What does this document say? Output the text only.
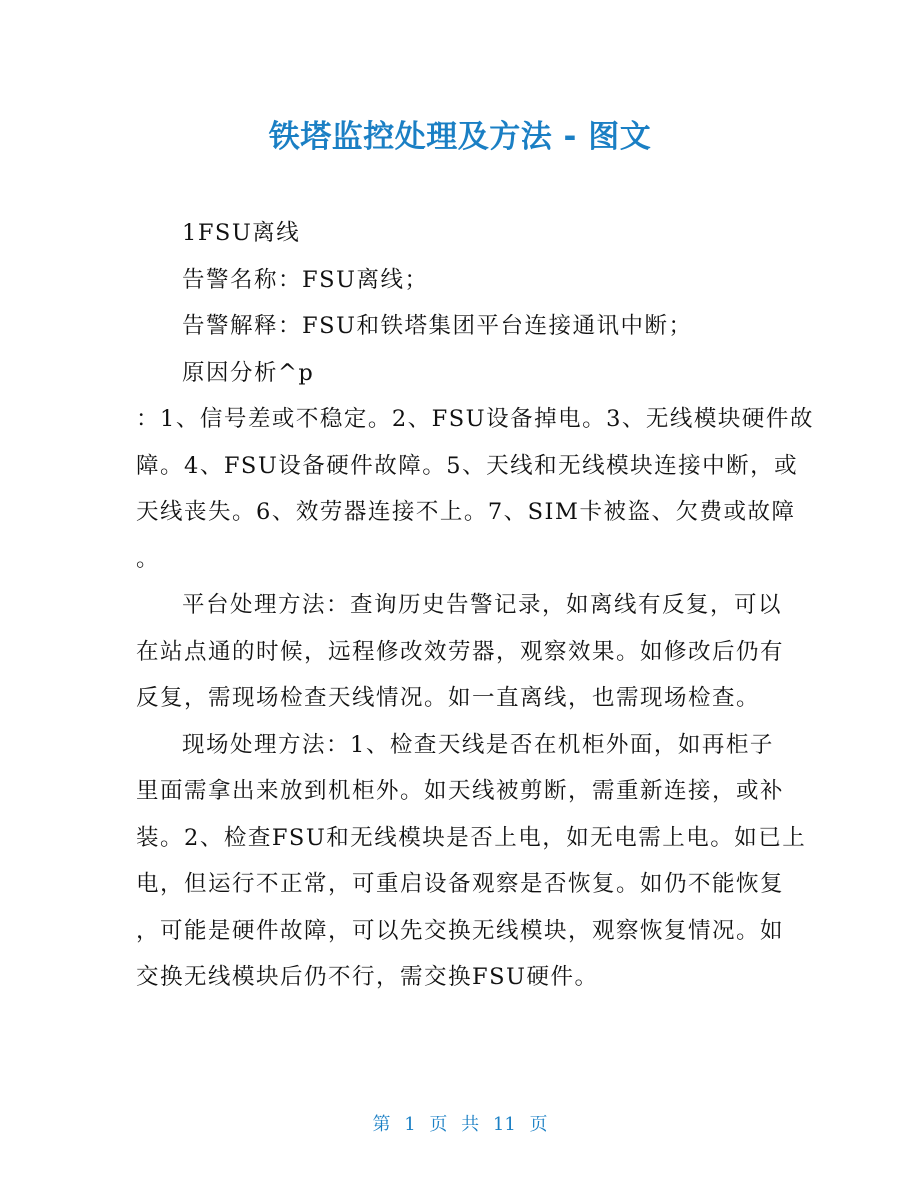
铁塔监控处理及方法 - 图文
1FSU离线
告警名称：FSU离线；
告警解释：FSU和铁塔集团平台连接通讯中断；
原因分析^p
：1、信号差或不稳定。2、FSU设备掉电。3、无线模块硬件故
障。4、FSU设备硬件故障。5、天线和无线模块连接中断，或
天线丧失。6、效劳器连接不上。7、SIM卡被盗、欠费或故障
。
平台处理方法：查询历史告警记录，如离线有反复，可以
在站点通的时候，远程修改效劳器，观察效果。如修改后仍有
反复，需现场检查天线情况。如一直离线，也需现场检查。
现场处理方法：1、检查天线是否在机柜外面，如再柜子
里面需拿出来放到机柜外。如天线被剪断，需重新连接，或补
装。2、检查FSU和无线模块是否上电，如无电需上电。如已上
电，但运行不正常，可重启设备观察是否恢复。如仍不能恢复
，可能是硬件故障，可以先交换无线模块，观察恢复情况。如
交换无线模块后仍不行，需交换FSU硬件。
第 1 页 共 11 页
